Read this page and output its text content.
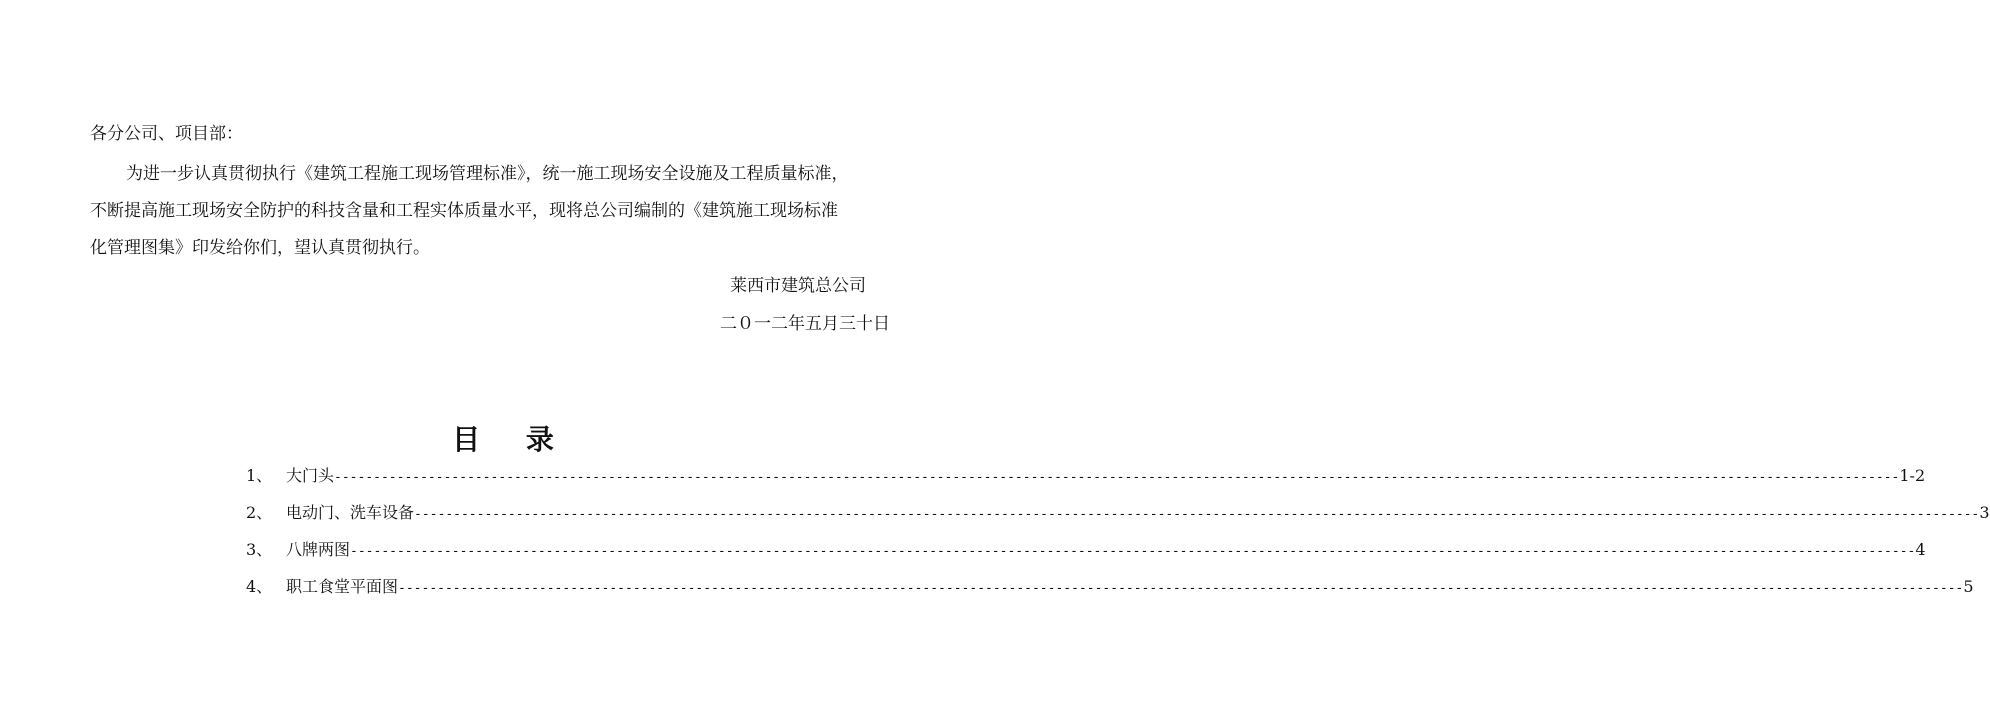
各分公司、项目部：
为进一步认真贯彻执行《建筑工程施工现场管理标准》，统一施工现场安全设施及工程质量标准，
不断提高施工现场安全防护的科技含量和工程实体质量水平，现将总公司编制的《建筑施工现场标准
化管理图集》印发给你们，望认真贯彻执行。
莱西市建筑总公司
二０一二年五月三十日
目 录
1、 大门头 -------------------------------------------------------------------------------------------------------------------------------------------------------------------------------------------------------- 1-2
2、 电动门、洗车设备 -------------------------------------------------------------------------------------------------------------------------------------------------------------------------------------------------------- 3
3、 八牌两图 -------------------------------------------------------------------------------------------------------------------------------------------------------------------------------------------------------- 4
4、 职工食堂平面图 -------------------------------------------------------------------------------------------------------------------------------------------------------------------------------------------------------- 5
